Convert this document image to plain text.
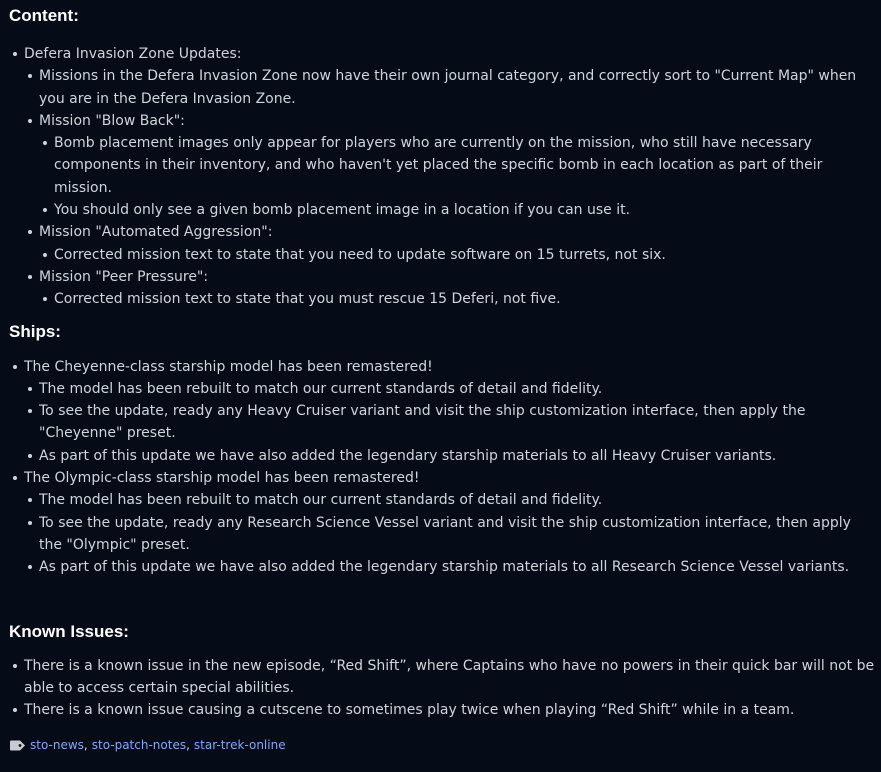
Content:
Defera Invasion Zone Updates:
Missions in the Defera Invasion Zone now have their own journal category, and correctly sort to "Current Map" when you are in the Defera Invasion Zone.
Mission "Blow Back":
Bomb placement images only appear for players who are currently on the mission, who still have necessary components in their inventory, and who haven't yet placed the specific bomb in each location as part of their mission.
You should only see a given bomb placement image in a location if you can use it.
Mission "Automated Aggression":
Corrected mission text to state that you need to update software on 15 turrets, not six.
Mission "Peer Pressure":
Corrected mission text to state that you must rescue 15 Deferi, not five.
Ships:
The Cheyenne-class starship model has been remastered!
The model has been rebuilt to match our current standards of detail and fidelity.
To see the update, ready any Heavy Cruiser variant and visit the ship customization interface, then apply the "Cheyenne" preset.
As part of this update we have also added the legendary starship materials to all Heavy Cruiser variants.
The Olympic-class starship model has been remastered!
The model has been rebuilt to match our current standards of detail and fidelity.
To see the update, ready any Research Science Vessel variant and visit the ship customization interface, then apply the "Olympic" preset.
As part of this update we have also added the legendary starship materials to all Research Science Vessel variants.
Known Issues:
There is a known issue in the new episode, “Red Shift”, where Captains who have no powers in their quick bar will not be able to access certain special abilities.
There is a known issue causing a cutscene to sometimes play twice when playing “Red Shift” while in a team.
sto-news , sto-patch-notes , star-trek-online
